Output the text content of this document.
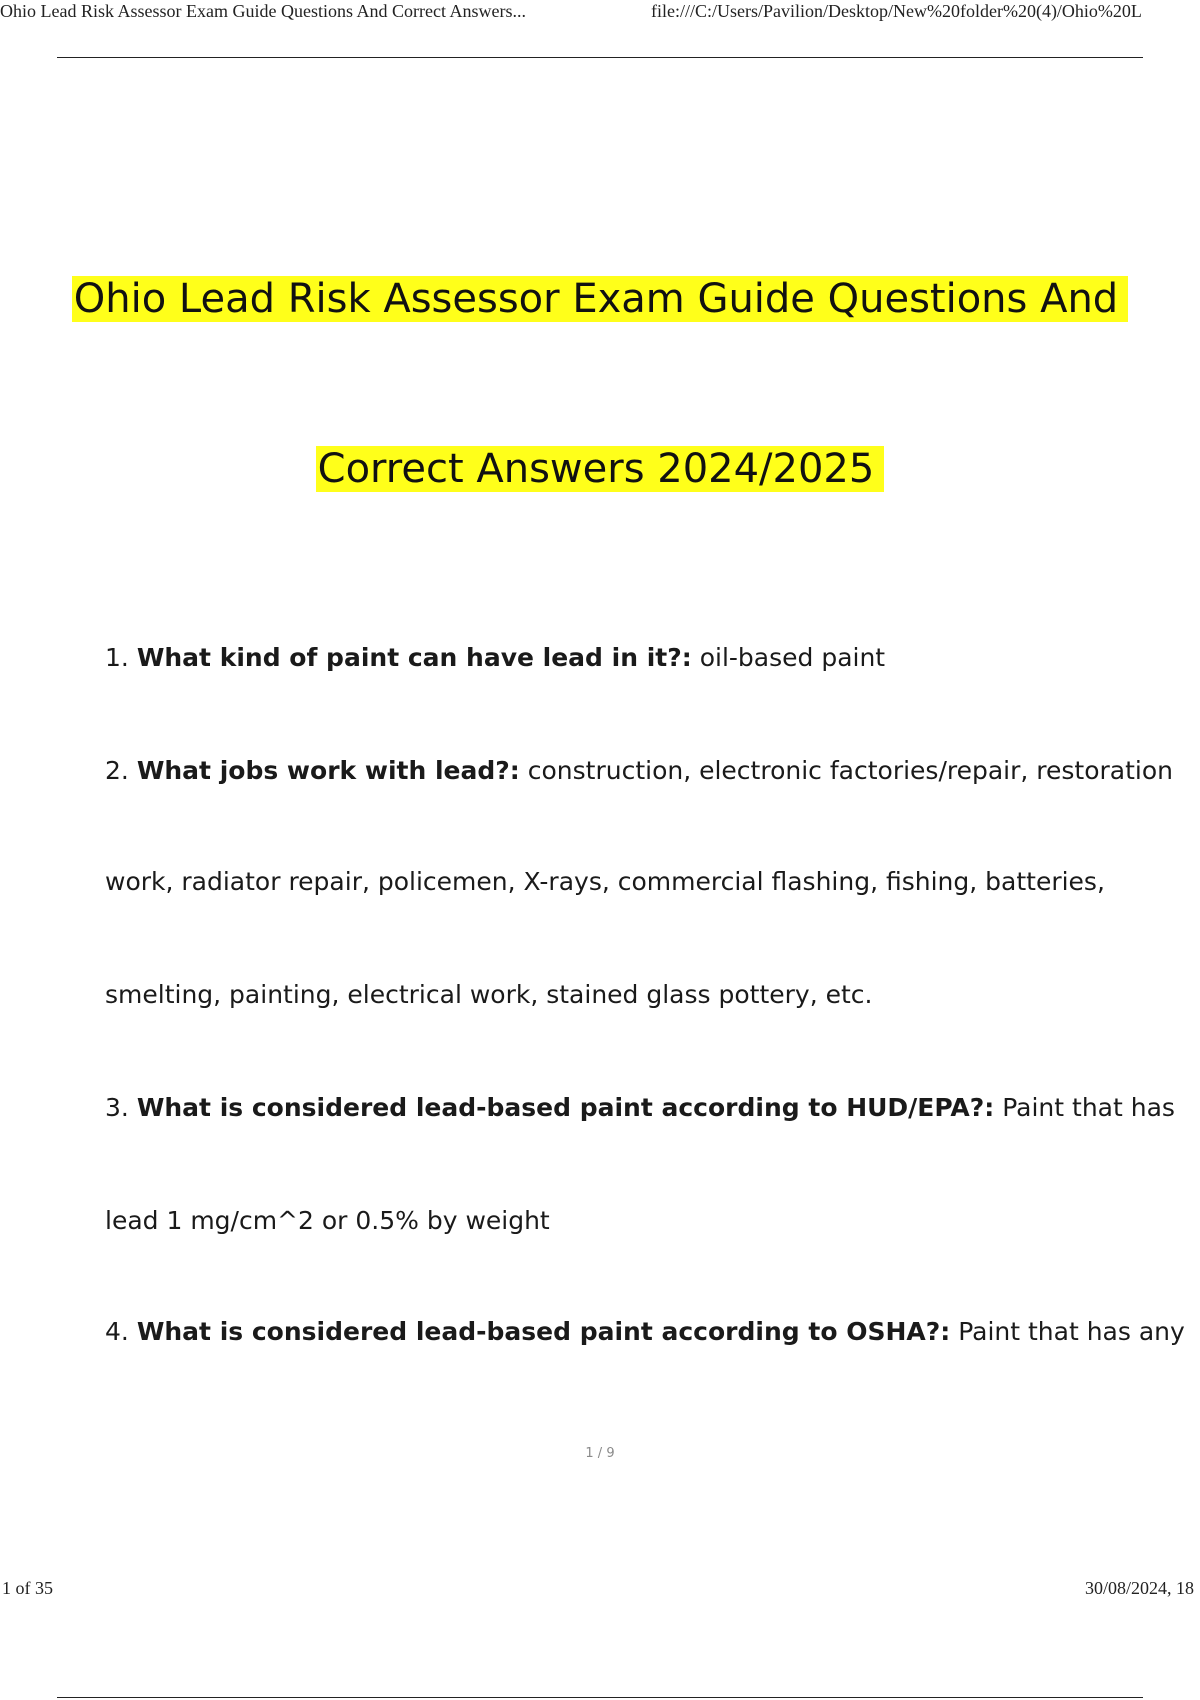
Ohio Lead Risk Assessor Exam Guide Questions And Correct Answers...	file:///C:/Users/Pavilion/Desktop/New%20folder%20(4)/Ohio%20L
Ohio Lead Risk Assessor Exam Guide Questions And
Correct Answers 2024/2025
1. What kind of paint can have lead in it?: oil-based paint
2. What jobs work with lead?: construction, electronic factories/repair, restoration
work, radiator repair, policemen, X-rays, commercial flashing, fishing, batteries,
smelting, painting, electrical work, stained glass pottery, etc.
3. What is considered lead-based paint according to HUD/EPA?: Paint that has
lead 1 mg/cm^2 or 0.5% by weight
4. What is considered lead-based paint according to OSHA?: Paint that has any
1 / 9
1 of 35	30/08/2024, 18
